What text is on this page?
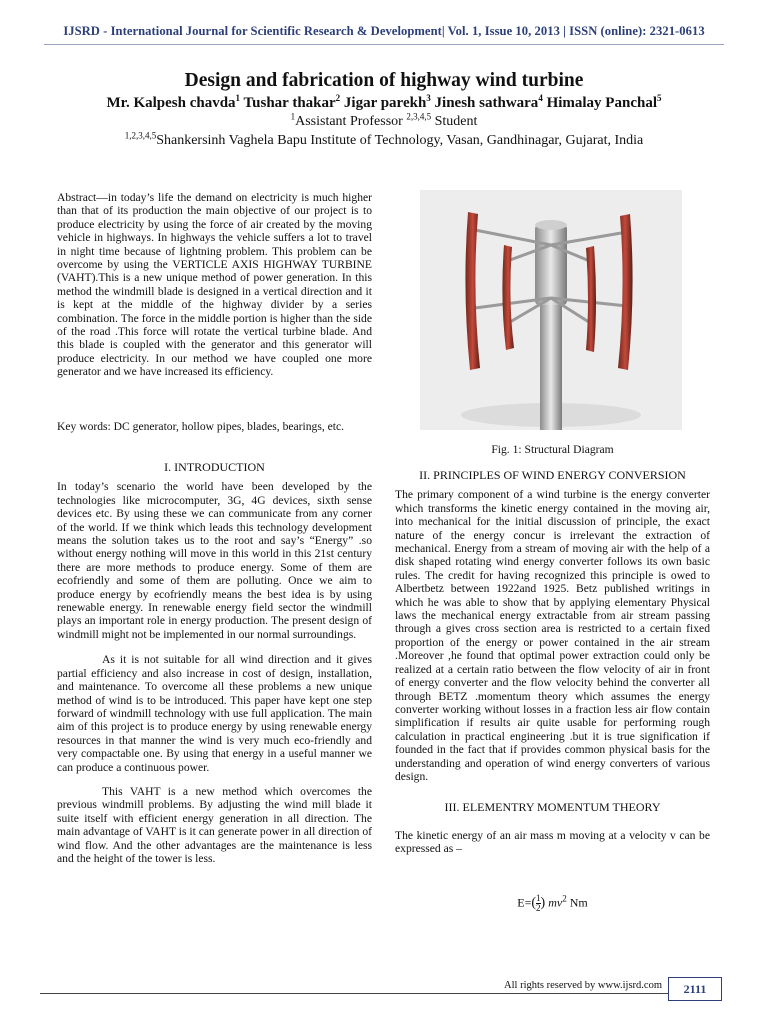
IJSRD - International Journal for Scientific Research & Development| Vol. 1, Issue 10, 2013 | ISSN (online): 2321-0613
Design and fabrication of highway wind turbine
Mr. Kalpesh chavda$^1$ Tushar thakar$^2$ Jigar parekh$^3$ Jinesh sathwara$^4$ Himalay Panchal$^5$
$^1$Assistant Professor $^{2,3,4,5}$ Student
$^{1,2,3,4,5}$Shankersinh Vaghela Bapu Institute of Technology, Vasan, Gandhinagar, Gujarat, India

Abstract—in today’s life the demand on electricity is much higher than that of its production the main objective of our project is to produce electricity by using the force of air created by the moving vehicle in highways. In highways the vehicle suffers a lot to travel in night time because of lightning problem. This problem can be overcome by using the VERTICLE AXIS HIGHWAY TURBINE (VAHT).This is a new unique method of power generation. In this method the windmill blade is designed in a vertical direction and it is kept at the middle of the highway divider by a series combination. The force in the middle portion is higher than the side of the road .This force will rotate the vertical turbine blade. And this blade is coupled with the generator and this generator will produce electricity. In our method we have coupled one more generator and we have increased its efficiency.

Key words: DC generator, hollow pipes, blades, bearings, etc.

I. INTRODUCTION

In today’s scenario the world have been developed by the technologies like microcomputer, 3G, 4G devices, sixth sense devices etc. By using these we can communicate from any corner of the world. If we think which leads this technology development means the solution takes us to the root and say’s “Energy” .so without energy nothing will move in this world in this 21st century there are more methods to produce energy. Some of them are ecofriendly and some of them are polluting. Once we aim to produce energy by ecofriendly means the best idea is by using renewable energy. In renewable energy field sector the windmill plays an important role in energy production. The present design of windmill might not be implemented in our normal surroundings.

As it is not suitable for all wind direction and it gives partial efficiency and also increase in cost of design, installation, and maintenance. To overcome all these problems a new unique method of wind is to be introduced. This paper have kept one step forward of windmill technology with use full application. The main aim of this project is to produce energy by using renewable energy resources in that manner the wind is very much eco-friendly and very compactable one. By using that energy in a useful manner we can produce a continuous power.

This VAHT is a new method which overcomes the previous windmill problems. By adjusting the wind mill blade it suite itself with efficient energy generation in all direction. The main advantage of VAHT is it can generate power in all direction of wind flow. And the other advantages are the maintenance is less and the height of the tower is less.

Fig. 1: Structural Diagram

II. PRINCIPLES OF WIND ENERGY CONVERSION

The primary component of a wind turbine is the energy converter which transforms the kinetic energy contained in the moving air, into mechanical for the initial discussion of principle, the exact nature of the energy concur is irrelevant the extraction of mechanical. Energy from a stream of moving air with the help of a disk shaped rotating wind energy converter follows its own basic rules. The credit for having recognized this principle is owed to Albertbetz between 1922and 1925. Betz published writings in which he was able to show that by applying elementary Physical laws the mechanical energy extractable from air stream passing through a gives cross section area is restricted to a certain fixed proportion of the energy or power contained in the air stream .Moreover ,he found that optimal power extraction could only be realized at a certain ratio between the flow velocity of air in front of energy converter and the flow velocity behind the converter all through BETZ .momentum theory which assumes the energy converter working without losses in a fraction less air flow contain simplification if results air quite usable for performing rough calculation in practical engineering .but it is true signification if founded in the fact that if provides common physical basis for the understanding and operation of wind energy converters of various design.

III. ELEMENTRY MOMENTUM THEORY

The kinetic energy of an air mass m moving at a velocity v can be expressed as –

$E=( \frac{1}{2}$ ) $mv^2$ Nm
All rights reserved by www.ijsrd.com	2111
